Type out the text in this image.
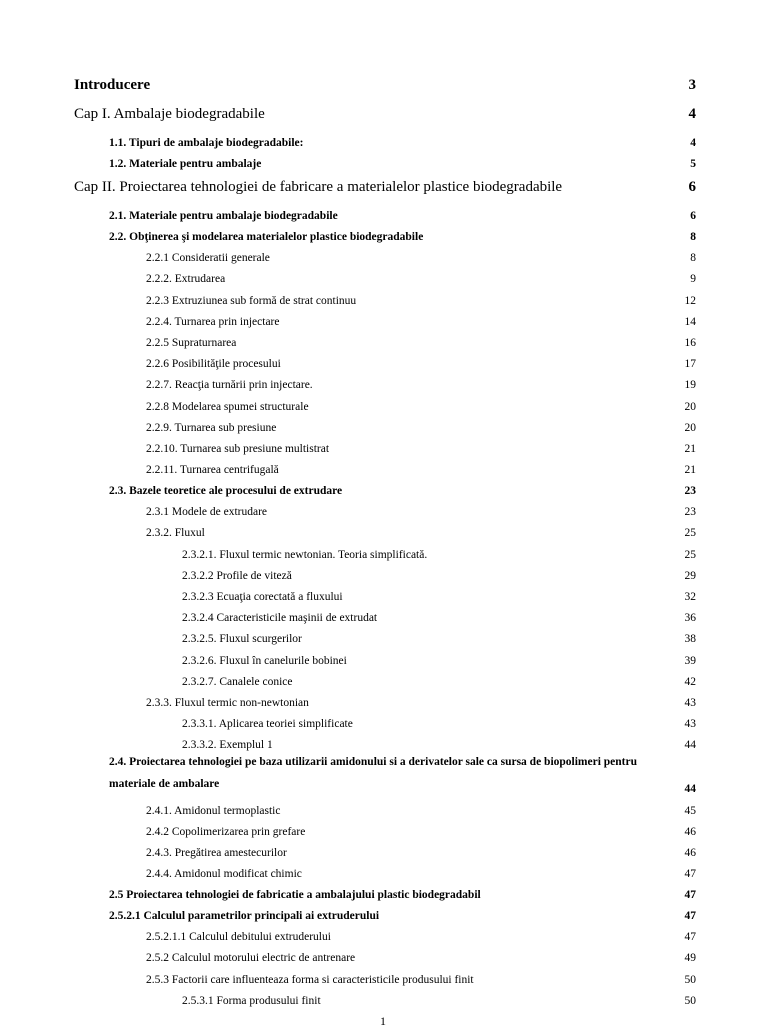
Introducere	3
Cap I. Ambalaje biodegradabile	4
1.1. Tipuri de ambalaje biodegradabile:	4
1.2. Materiale pentru ambalaje	5
Cap II. Proiectarea tehnologiei de fabricare a materialelor plastice biodegradabile	6
2.1. Materiale pentru ambalaje biodegradabile	6
2.2. Obţinerea şi modelarea materialelor plastice biodegradabile	8
2.2.1 Consideratii generale	8
2.2.2. Extrudarea	9
2.2.3 Extruziunea sub formă de strat continuu	12
2.2.4. Turnarea prin injectare	14
2.2.5 Supraturnarea	16
2.2.6 Posibilităţile procesului	17
2.2.7. Reacţia turnării prin injectare.	19
2.2.8 Modelarea spumei structurale	20
2.2.9. Turnarea sub presiune	20
2.2.10. Turnarea sub presiune multistrat	21
2.2.11. Turnarea centrifugală	21
2.3. Bazele teoretice ale procesului de extrudare	23
2.3.1 Modele de extrudare	23
2.3.2. Fluxul	25
2.3.2.1. Fluxul termic newtonian. Teoria simplificată.	25
2.3.2.2 Profile de viteză	29
2.3.2.3 Ecuaţia corectată a fluxului	32
2.3.2.4 Caracteristicile maşinii de extrudat	36
2.3.2.5. Fluxul scurgerilor	38
2.3.2.6. Fluxul în canelurile bobinei	39
2.3.2.7. Canalele conice	42
2.3.3. Fluxul termic non-newtonian	43
2.3.3.1. Aplicarea teoriei simplificate	43
2.3.3.2. Exemplul 1	44
2.4. Proiectarea tehnologiei pe baza utilizarii amidonului si a derivatelor sale ca sursa de biopolimeri pentru materiale de ambalare	44
2.4.1. Amidonul termoplastic	45
2.4.2 Copolimerizarea prin grefare	46
2.4.3. Pregătirea amestecurilor	46
2.4.4. Amidonul modificat chimic	47
2.5 Proiectarea tehnologiei de fabricatie a ambalajului plastic biodegradabil	47
2.5.2.1 Calculul parametrilor principali ai extruderului	47
2.5.2.1.1 Calculul debitului extruderului	47
2.5.2 Calculul motorului electric de antrenare	49
2.5.3 Factorii care influenteaza forma si caracteristicile produsului finit	50
2.5.3.1 Forma produsului finit	50
1
